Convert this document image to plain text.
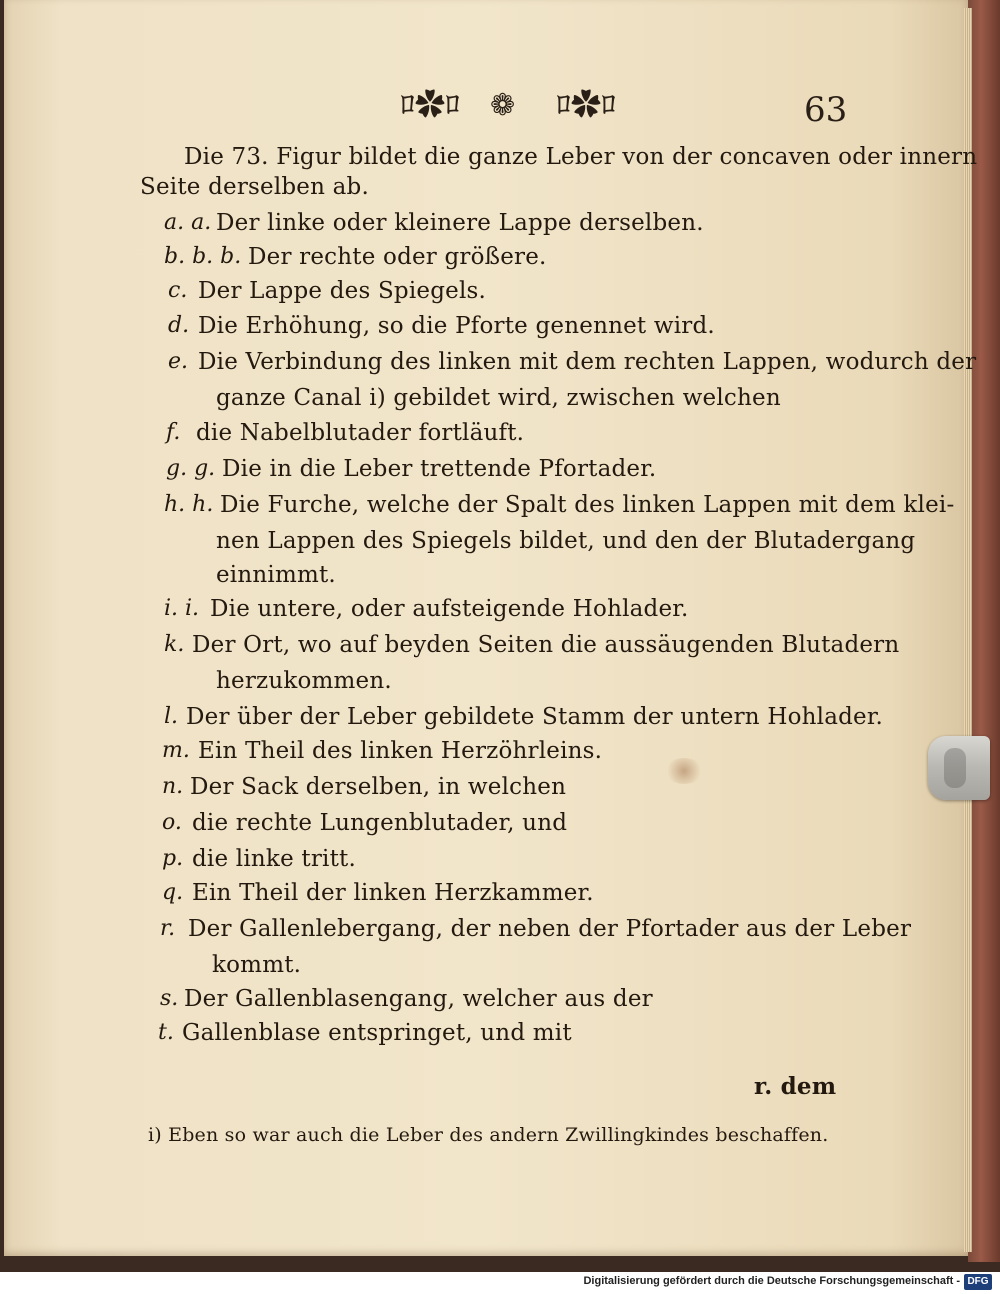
ﾛ✿ﾛ ❁ ﾛ✿ﾛ	63
Die 73. Figur bildet die ganze Leber von der concaven oder innern
Seite derselben ab.
a. a. Der linke oder kleinere Lappe derselben.
b. b. b. Der rechte oder größere.
c. Der Lappe des Spiegels.
d. Die Erhöhung, so die Pforte genennet wird.
e. Die Verbindung des linken mit dem rechten Lappen, wodurch der
ganze Canal i) gebildet wird, zwischen welchen
f. die Nabelblutader fortläuft.
g. g. Die in die Leber trettende Pfortader.
h. h. Die Furche, welche der Spalt des linken Lappen mit dem klei-
nen Lappen des Spiegels bildet, und den der Blutadergang
einnimmt.
i. i. Die untere, oder aufsteigende Hohlader.
k. Der Ort, wo auf beyden Seiten die aussäugenden Blutadern
herzukommen.
l. Der über der Leber gebildete Stamm der untern Hohlader.
m. Ein Theil des linken Herzöhrleins.
n. Der Sack derselben, in welchen
o. die rechte Lungenblutader, und
p. die linke tritt.
q. Ein Theil der linken Herzkammer.
r. Der Gallenlebergang, der neben der Pfortader aus der Leber
kommt.
s. Der Gallenblasengang, welcher aus der
t. Gallenblase entspringet, und mit
r. dem
i) Eben so war auch die Leber des andern Zwillingkindes beschaffen.
Digitalisierung gefördert durch die Deutsche Forschungsgemeinschaft - DFG
